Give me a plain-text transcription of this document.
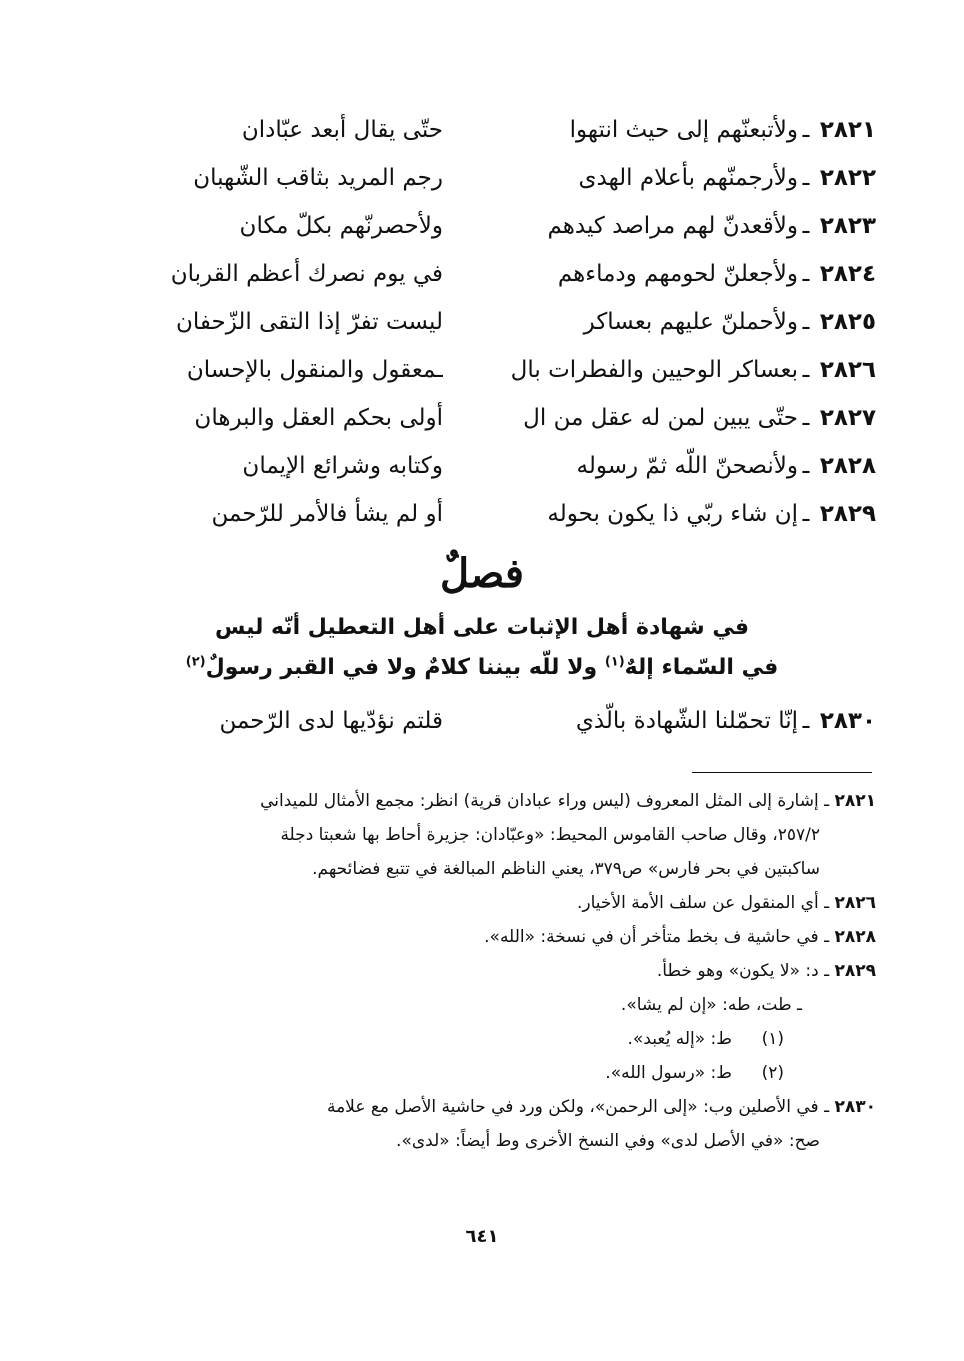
٢٨٢١
ـ
ولأتبعنّهم إلى حيث انتهوا
حتّى يقال أبعد عبّادان
٢٨٢٢
ـ
ولأرجمنّهم بأعلام الهدى
رجم المريد بثاقب الشّهبان
٢٨٢٣
ـ
ولأقعدنّ لهم مراصد كيدهم
ولأحصرنّهم بكلّ مكان
٢٨٢٤
ـ
ولأجعلنّ لحومهم ودماءهم
في يوم نصرك أعظم القربان
٢٨٢٥
ـ
ولأحملنّ عليهم بعساكر
ليست تفرّ إذا التقى الزّحفان
٢٨٢٦
ـ
بعساكر الوحيين والفطرات بال
ـمعقول والمنقول بالإحسان
٢٨٢٧
ـ
حتّى يبين لمن له عقل من ال
أولى بحكم العقل والبرهان
٢٨٢٨
ـ
ولأنصحنّ اللّه ثمّ رسوله
وكتابه وشرائع الإيمان
٢٨٢٩
ـ
إن شاء ربّي ذا يكون بحوله
أو لم يشأ فالأمر للرّحمن
فصلٌ
في شهادة أهل الإثبات على أهل التعطيل أنّه ليس
في السّماء إلهٌ$^{(١)}$ ولا للّه بيننا كلامٌ ولا في القبر رسولٌ$^{(٢)}$
٢٨٣٠
ـ
إنّا تحمّلنا الشّهادة بالّذي
قلتم نؤدّيها لدى الرّحمن
٢٨٢١ ـ إشارة إلى المثل المعروف (ليس وراء عبادان قرية) انظر: مجمع الأمثال للميداني
٢٥٧/٢، وقال صاحب القاموس المحيط: «وعبّادان: جزيرة أحاط بها شعبتا دجلة
ساكبتين في بحر فارس» ص٣٧٩، يعني الناظم المبالغة في تتبع فضائحهم.
٢٨٢٦ ـ أي المنقول عن سلف الأمة الأخيار.
٢٨٢٨ ـ في حاشية ف بخط متأخر أن في نسخة: «الله».
٢٨٢٩ ـ د: «لا يكون» وهو خطأ.
ـ طت، طه: «إن لم يشا».
(١)ط: «إله يُعبد».
(٢)ط: «رسول الله».
٢٨٣٠ ـ في الأصلين وب: «إلى الرحمن»، ولكن ورد في حاشية الأصل مع علامة
صح: «في الأصل لدى» وفي النسخ الأخرى وط أيضاً: «لدى».
٦٤١
